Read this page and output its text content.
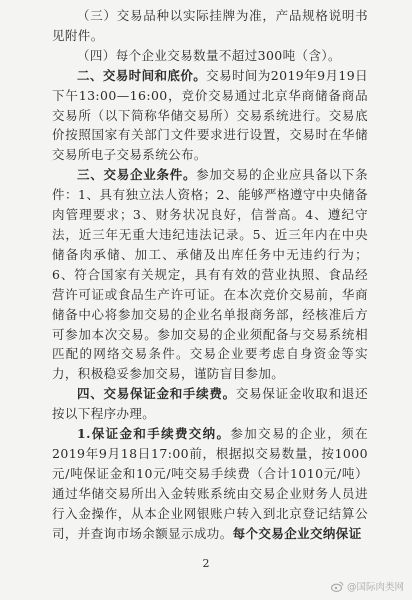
（三）交易品种以实际挂牌为准，产品规格说明书见附件。

（四）每个企业交易数量不超过300吨（含）。

二、交易时间和底价。交易时间为2019年9月19日下午13:00—16:00，竞价交易通过北京华商储备商品交易所（以下简称华储交易所）交易系统进行。交易底价按照国家有关部门文件要求进行设置，交易时在华储交易所电子交易系统公布。

三、交易企业条件。参加交易的企业应具备以下条件：1、具有独立法人资格；2、能够严格遵守中央储备肉管理要求；3、财务状况良好，信誉高。4、遵纪守法，近三年无重大违纪违法记录。5、近三年内在中央储备肉承储、加工、承储及出库任务中无违约行为；6、符合国家有关规定，具有有效的营业执照、食品经营许可证或食品生产许可证。在本次竞价交易前，华商储备中心将参加交易的企业名单报商务部，经核准后方可参加本次交易。参加交易的企业须配备与交易系统相匹配的网络交易条件。交易企业要考虑自身资金等实力，积极稳妥参加交易，谨防盲目参加。

四、交易保证金和手续费。交易保证金收取和退还按以下程序办理。

1.保证金和手续费交纳。参加交易的企业，须在2019年9月18日17:00前，根据拟交易数量，按1000元/吨保证金和10元/吨交易手续费（合计1010元/吨）通过华储交易所出入金转账系统由交易企业财务人员进行入金操作，从本企业网银账户转入到北京登记结算公司，并查询市场余额显示成功。每个交易企业交纳保证

2
@国际肉类网
